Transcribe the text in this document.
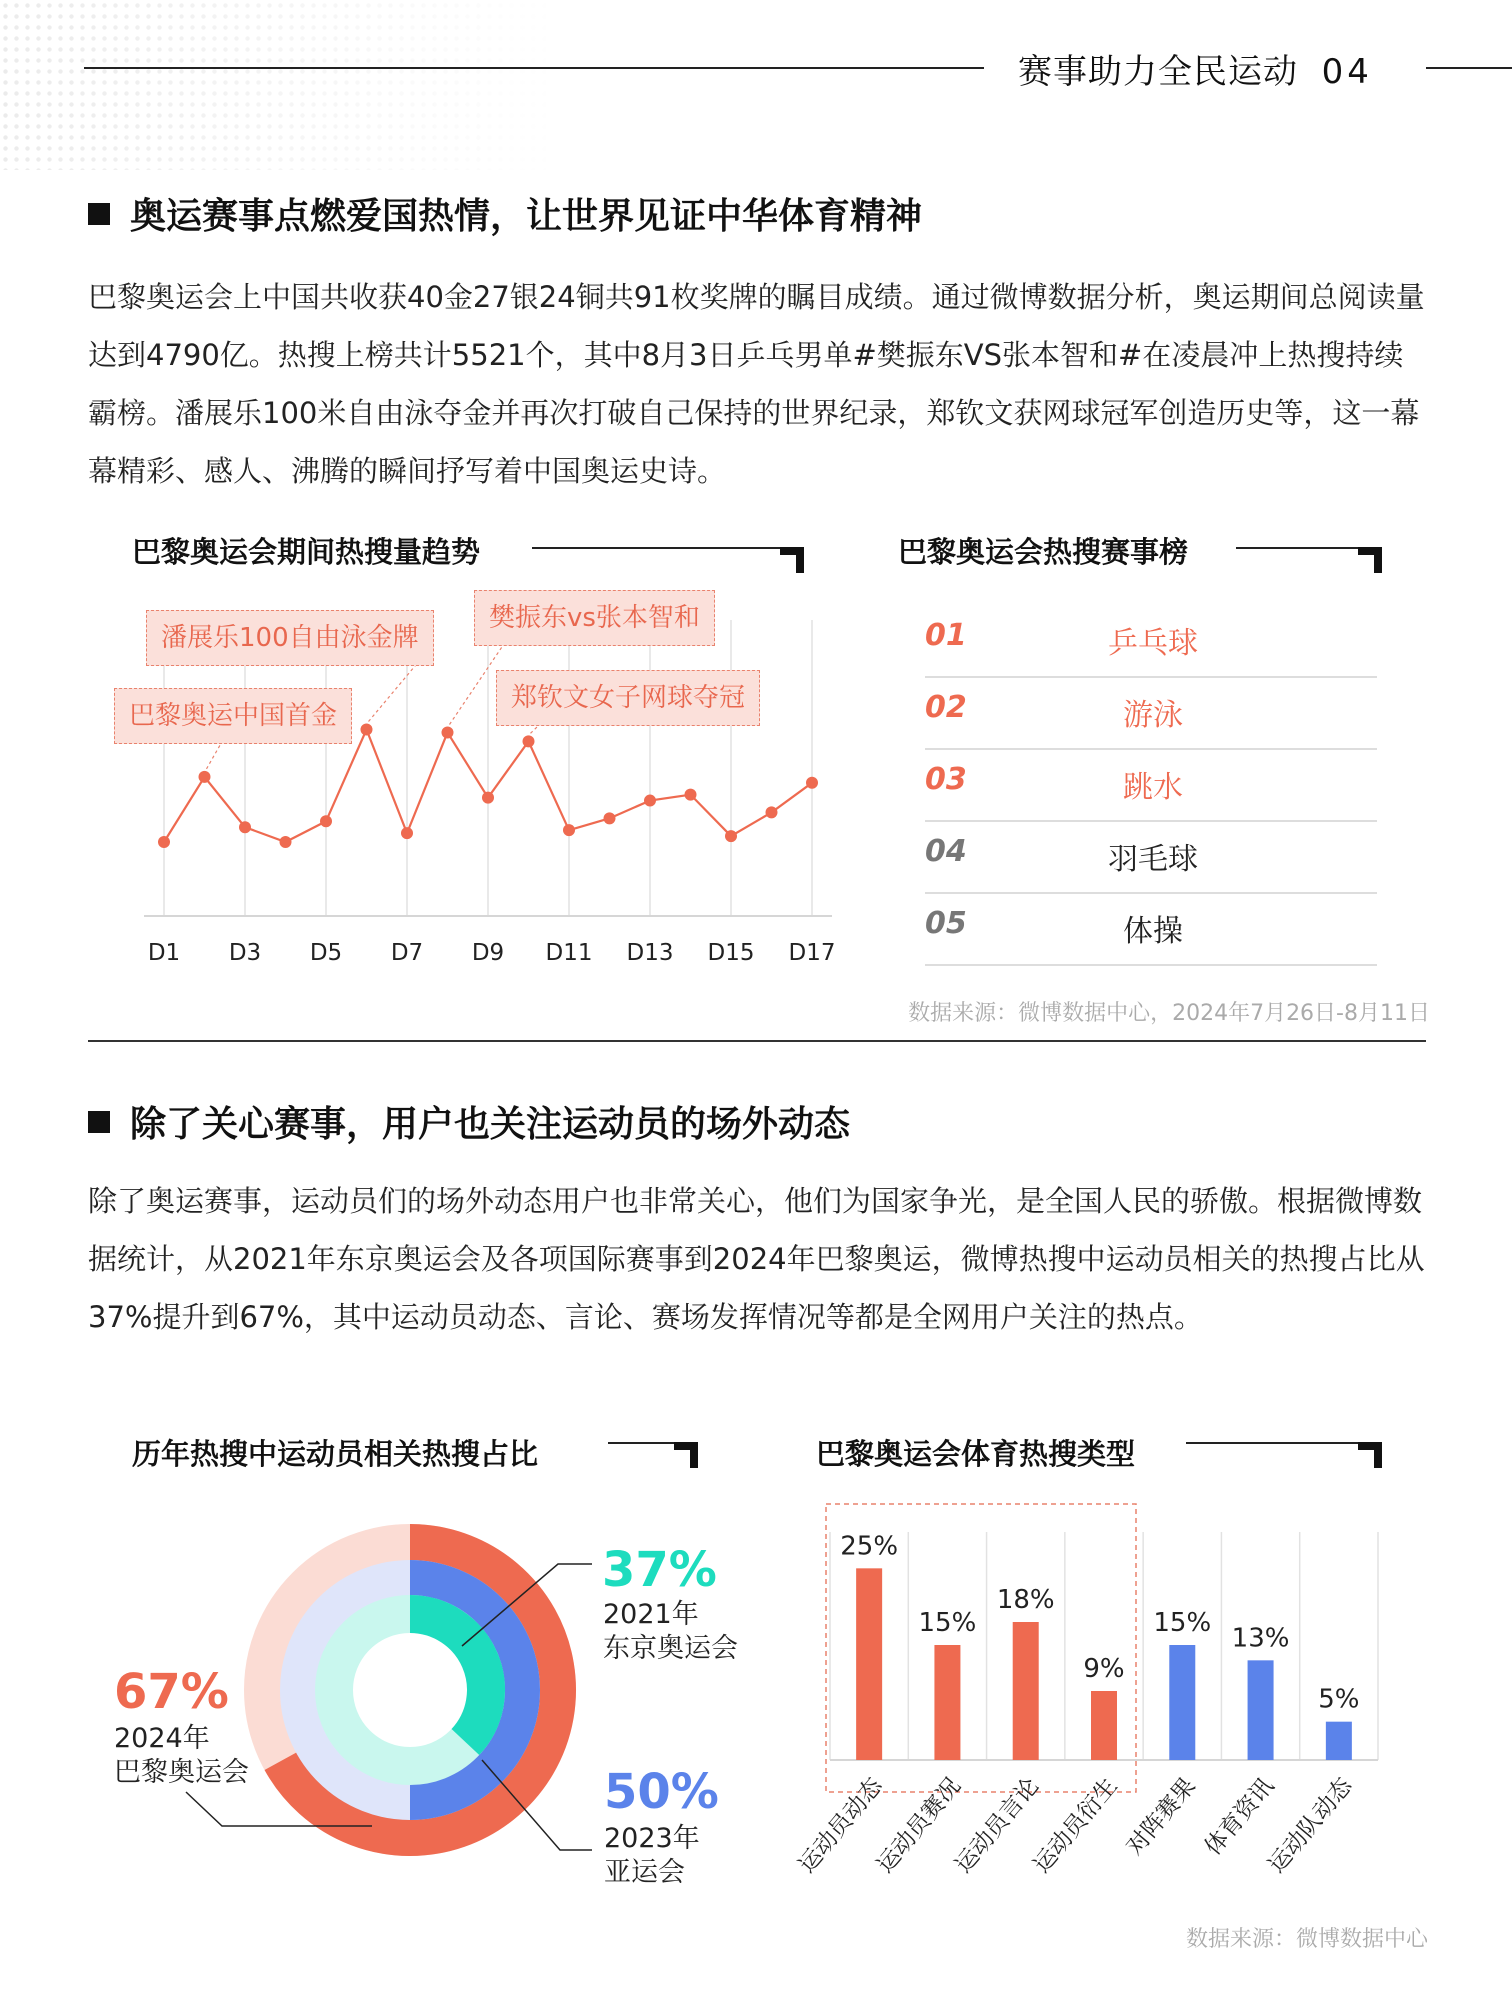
赛事助力全民运动 04
奥运赛事点燃爱国热情，让世界见证中华体育精神
巴黎奥运会上中国共收获40金27银24铜共91枚奖牌的瞩目成绩。通过微博数据分析，奥运期间总阅读量达到4790亿。热搜上榜共计5521个，其中8月3日乒乓男单#樊振东VS张本智和#在凌晨冲上热搜持续霸榜。潘展乐100米自由泳夺金并再次打破自己保持的世界纪录，郑钦文获网球冠军创造历史等，这一幕幕精彩、感人、沸腾的瞬间抒写着中国奥运史诗。
巴黎奥运会期间热搜量趋势	巴黎奥运会热搜赛事榜
D1 D3 D5 D7 D9 D11 D13 D15 D17
潘展乐100自由泳金牌
樊振东vs张本智和
巴黎奥运中国首金
郑钦文女子网球夺冠
01	乒乓球
02	游泳
03	跳水
04	羽毛球
05	体操
数据来源：微博数据中心，2024年7月26日-8月11日
除了关心赛事，用户也关注运动员的场外动态
除了奥运赛事，运动员们的场外动态用户也非常关心，他们为国家争光，是全国人民的骄傲。根据微博数据统计，从2021年东京奥运会及各项国际赛事到2024年巴黎奥运，微博热搜中运动员相关的热搜占比从37%提升到67%，其中运动员动态、言论、赛场发挥情况等都是全网用户关注的热点。
历年热搜中运动员相关热搜占比	巴黎奥运会体育热搜类型
37%
2021年
东京奥运会
67%
2024年
巴黎奥运会	50%
2023年
亚运会
25%
运动员动态
15%
运动员赛况
18%
运动员言论
9%
运动员衍生
15%
对阵赛果
13%
体育资讯
5%
运动队动态
数据来源：微博数据中心
